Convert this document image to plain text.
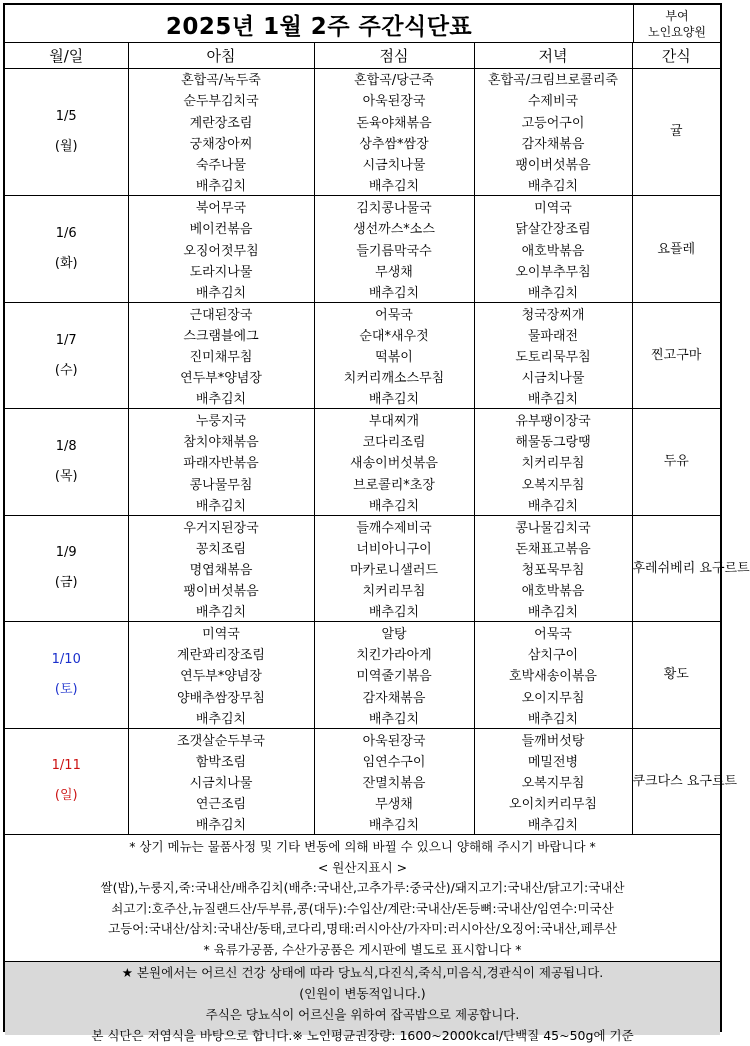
2025년 1월 2주 주간식단표	부여
노인요양원
월/일	아침	점심	저녁	간식

1/5
(월)	혼합곡/녹두죽	혼합곡/당근죽	혼합곡/크림브로콜리죽	귤
	순두부김치국	아욱된장국	수제비국	
	계란장조림	돈육야채볶음	고등어구이	
	궁채장아찌	상추쌈*쌈장	감자채볶음	
	숙주나물	시금치나물	팽이버섯볶음	
	배추김치	배추김치	배추김치	

1/6
(화)	북어무국	김치콩나물국	미역국	요플레
	베이컨볶음	생선까스*소스	닭살간장조림	
	오징어젓무침	들기름막국수	애호박볶음	
	도라지나물	무생채	오이부추무침	
	배추김치	배추김치	배추김치	

1/7
(수)	근대된장국	어묵국	청국장찌개	찐고구마
	스크램블에그	순대*새우젓	물파래전	
	진미채무침	떡볶이	도토리묵무침	
	연두부*양념장	치커리깨소스무침	시금치나물	
	배추김치	배추김치	배추김치	

1/8
(목)	누룽지국	부대찌개	유부팽이장국	두유
	참치야채볶음	코다리조림	해물동그랑땡	
	파래자반볶음	새송이버섯볶음	치커리무침	
	콩나물무침	브로콜리*초장	오복지무침	
	배추김치	배추김치	배추김치	

1/9
(금)	우거지된장국	들깨수제비국	콩나물김치국	후레쉬베리 요구르트
	꽁치조림	너비아니구이	돈채표고볶음	
	명엽채볶음	마카로니샐러드	청포묵무침	
	팽이버섯볶음	치커리무침	애호박볶음	
	배추김치	배추김치	배추김치	

1/10
(토)	미역국	알탕	어묵국	황도
	계란꽈리장조림	치킨가라아게	삼치구이	
	연두부*양념장	미역줄기볶음	호박새송이볶음	
	양배추쌈장무침	감자채볶음	오이지무침	
	배추김치	배추김치	배추김치	

1/11
(일)	조갯살순두부국	아욱된장국	들깨버섯탕	쿠크다스 요구르트
	함박조림	임연수구이	메밀전병	
	시금치나물	잔멸치볶음	오복지무침	
	연근조림	무생채	오이치커리무침	
	배추김치	배추김치	배추김치	
* 상기 메뉴는 물품사정 및 기타 변동에 의해 바뀔 수 있으니 양해해 주시기 바랍니다 *
< 원산지표시 >
쌀(밥),누룽지,죽:국내산/배추김치(배추:국내산,고추가루:중국산)/돼지고기:국내산/닭고기:국내산
쇠고기:호주산,뉴질랜드산/두부류,콩(대두):수입산/계란:국내산/돈등뼈:국내산/임연수:미국산
고등어:국내산/삼치:국내산/동태,코다리,명태:러시아산/가자미:러시아산/오징어:국내산,페루산
* 육류가공품, 수산가공품은 게시판에 별도로 표시합니다 *
★ 본원에서는 어르신 건강 상태에 따라 당뇨식,다진식,죽식,미음식,경관식이 제공됩니다.
(인원이 변동적입니다.)
주식은 당뇨식이 어르신을 위하여 잡곡밥으로 제공합니다.
본 식단은 저염식을 바탕으로 합니다.※ 노인평균권장량: 1600~2000kcal/단백질 45~50g에 기준
